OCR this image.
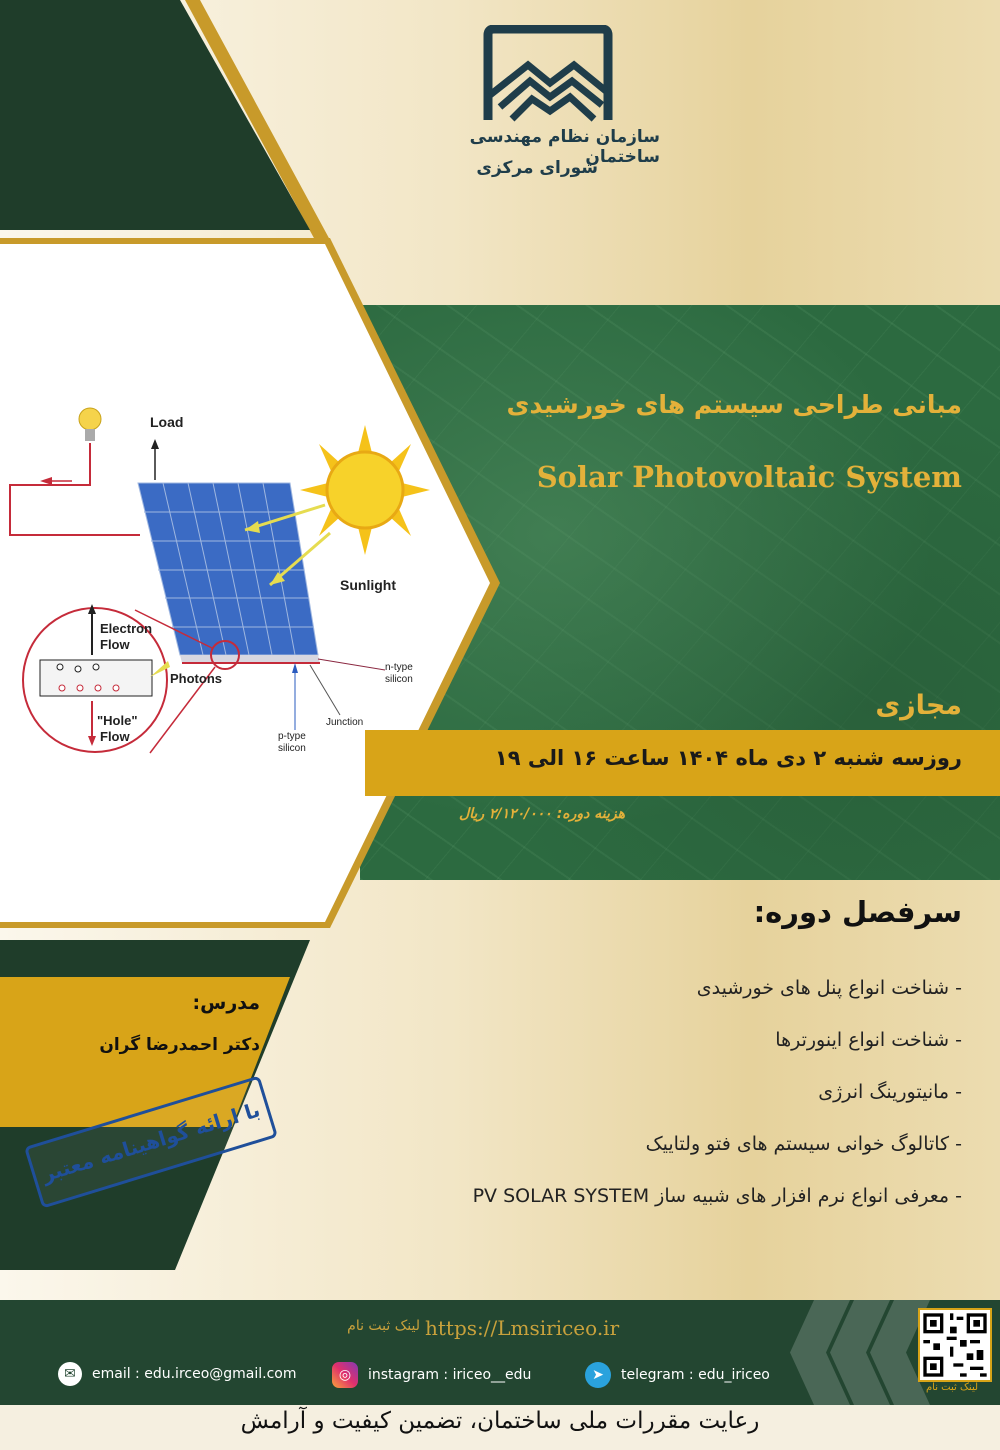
سازمان نظام مهندسی ساختمان
شورای مرکزی
Load
Sunlight
Electron
Flow
Photons
"Hole"
Flow
n-type
silicon
Junction
p-type
silicon
مبانی طراحی سیستم های خورشیدی
Solar Photovoltaic System
مجازی
روزسه شنبه ۲ دی ماه ۱۴۰۴ ساعت ۱۶ الی ۱۹
هزینه دوره: ۲/۱۲۰/۰۰۰ ریال
سرفصل دوره:
- شناخت انواع پنل های خورشیدی
- شناخت انواع اینورترها
- مانیتورینگ انرژی
- کاتالوگ خوانی سیستم های فتو ولتاییک
- معرفی انواع نرم افزار های شبیه ساز PV SOLAR SYSTEM
مدرس:
دکتر احمدرضا گران
با ارائه گواهینامه معتبر
لینک ثبت نام https://Lmsiriceo.ir
✉	email : edu.irceo@gmail.com	◎	instagram : iriceo__edu	➤	telegram : edu_iriceo
لینک ثبت نام
رعایت مقررات ملی ساختمان، تضمین کیفیت و آرامش
